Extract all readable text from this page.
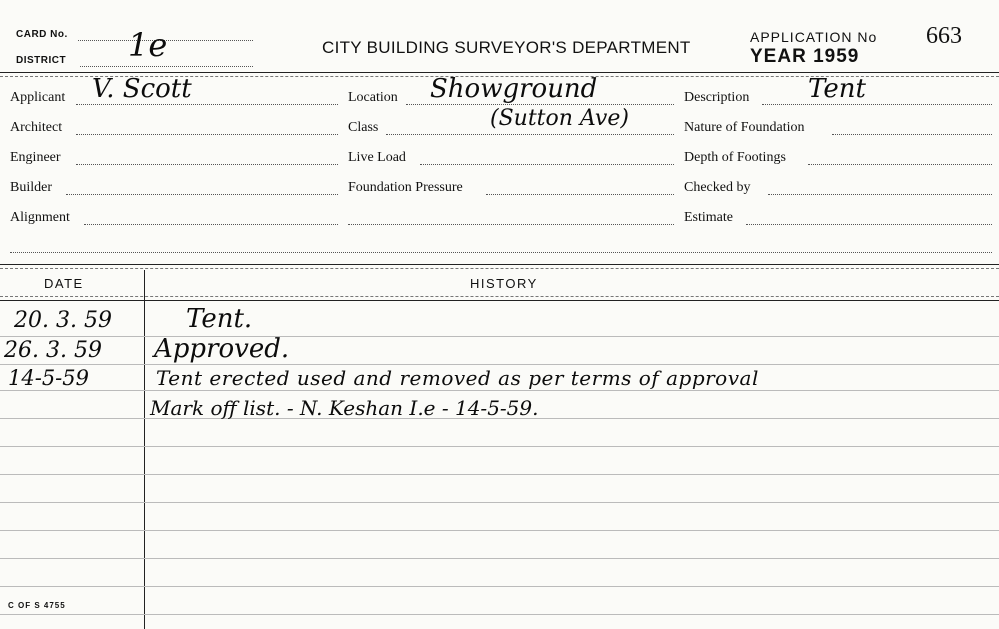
CARD No.
DISTRICT 1e	CITY BUILDING SURVEYOR'S DEPARTMENT
APPLICATION No
YEAR 1959
663
Applicant V. Scott
Architect
Engineer
Builder
Alignment
Location Showground
Class	(Sutton Ave)
Live Load
Foundation Pressure
Description Tent
Nature of Foundation
Depth of Footings
Checked by
Estimate
DATE	HISTORY
20. 3. 59	Tent.
26. 3. 59 Approved.
14-5-59	Tent erected used and removed as per terms of approval
Mark off list. - N. Keshan I.e - 14-5-59.
C OF S 4755
